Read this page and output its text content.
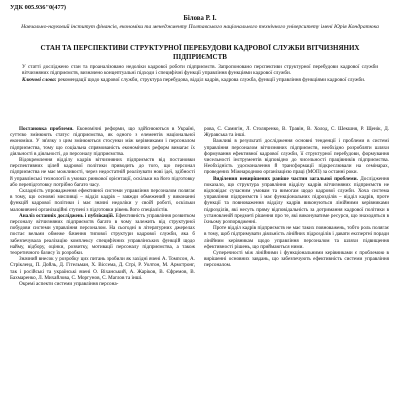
УДК 005.936"0(477)
Білова Р. І.
Навчально-науковий інститут фінансів, економіки та менеджменту Полтавського національного технічного університету імені Юрія Кондратюка
СТАН ТА ПЕРСПЕКТИВИ СТРУКТУРНОЇ ПЕРЕБУДОВИ КАДРОВОЇ СЛУЖБИ ВІТЧИЗНЯНИХ ПІДПРИЄМСТВ
У статті досліджено стан та проаналізовано недоліки кадрової роботи підприємств. Запропоновано перспективи структурної перебудови кадрової служби вітчизняних підприємств, визначено концептуальні підходи і специфічні функції управління функціями кадрової служби.
Ключові слова: рекомендації щодо кадрової служби, структура перебудова, відділ кадрів, кадрова служба, функції управління функціями кадрової служби.

Постановка проблеми. Економічні реформи, що здійснюються в Україні, суттєво змінюють статус підприємства, як одного з елементів національної економіки. У зв'язку з цим змінюються стосунки між керівниками і персоналом підприємства, тому що соціальна спрямованість економічних реформ вимагає їх діяльності в діяльності, до персоналу підприємства.

Відокремлення відділу кадрів вітчизняних підприємств від постановки перспективних цілей кадрової політики приводить до того, що персонал підприємства не має можливості, через недостатній реалізувати нові ідеї, здібності й управлінські технології в умовах ринкової орієнтації, оскільки на його підготовку або перепідготовку потрібно багато часу.

Складність упровадження ефективної системи управління персоналом полягає в тому, що основні мисливці – відділ кадрів – завжди обмежений у виконанні функцій кадрової політики і має значні недоліки у своїй роботі, оскільки маловивчені організаційні ступені з підготовки рівень його спеціалістів.

Аналіз останніх досліджень і публікацій. Ефективність управління розвитком персоналу вітчизняних підприємств багато в чому залежить від структурної побудови системи управління персоналом. На сьогодні в літературних джерелах постає вельми обмеже бачення типової структури кадрової служби, яка б забезпечувала реалізацію комплексу специфічних управлінських функцій щодо найму, відбору, оцінки, розвитку, мотивації персоналу підприємства, а також теоретичного базису їх розробки.

Значний внесок у розробку цих питань зробили як західні вчені А. Томпсон, А. Стрікленд, П. Дойль, Д. Гітельман, Х. Віссема, Д. Стрі, Р. Уолтон, М. Армстронг, так і російські та українські вчені О. Віханський, А. Жаріков, В. Єфремов, В. Бахмаренко, Л. Михайлова, С. Моргунов, С. Маглов та інші.

Окремі аспекти системи управління персона-

рова, С. Самигін, Л. Столяренко, В. Травін, В. Холод, С. Шекшня, Р. Щенік, Д. Журавська та інші.

Важливі в результаті дослідження основні тенденції і проблеми в системі управління персоналом вітчизняних підприємств, необхідно розробляти шляхи формування ефективної кадрової служби, її структурної перебудови, формування чисельності інструментів відповідно до чисельності працівників підприємства. Необхідність удосконалення й трансформації підкреслювали на семінарах, проведених Міжнародною організацією праці (МОП) за останні роки.

Виділення невирішених раніше частин загальної проблеми. Дослідження показало, що структура управління відділу кадрів вітчизняних підприємств не відповідає сучасним умовам та вимогам щодо кадрової служби. Хоча система управління підприємств і має функціональних підрозділів – відділ кадрів, проте функції та повноваження відділу кадрів виконуються лінійними керівниками підрозділів, які несуть пряму відповідальність за дотримання кадрової політики в установленій предметі рішення про те, які виконуватиме ресурси, що знаходяться в їхньому розпорядженні.

Проте відділ кадрів підприємств не має таких повноважень, тобто роль полягає в тому, щоб підтримувати діяльність лінійних підрозділів і давати експертні поради лінійним керівникам щодо управління персоналом та шляхи підвищення ефективності рішень, що приймаються ними.

Суперечності між лінійними і функціональними керівниками є проблемою в вирішенні основних завдань, що забезпечують ефективність системи управління персоналом.
